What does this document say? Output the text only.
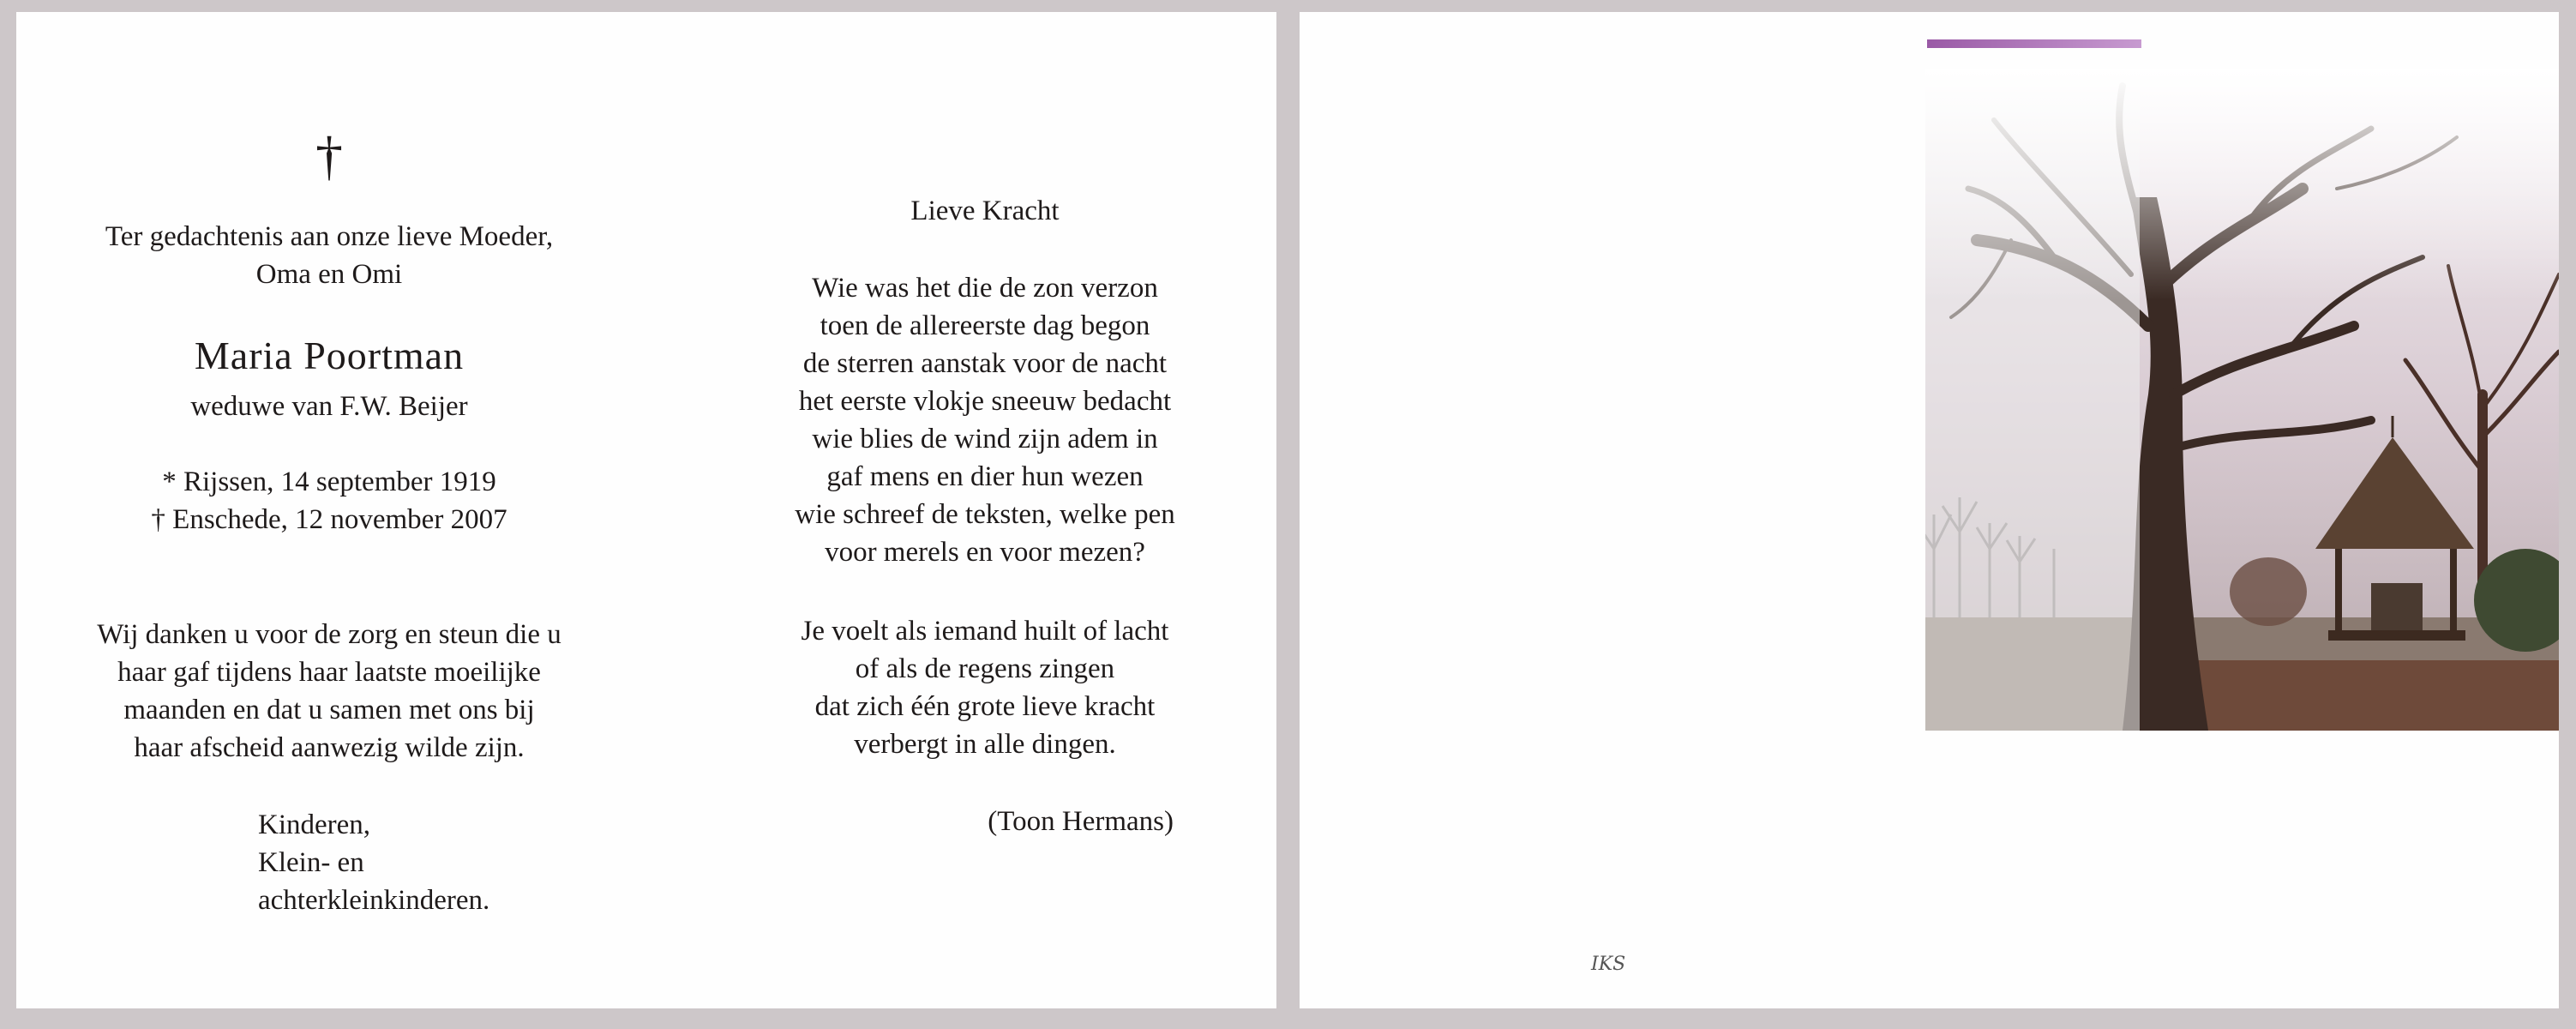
†
Ter gedachtenis aan onze lieve Moeder,
Oma en Omi
Maria Poortman
weduwe van F.W. Beijer
* Rijssen, 14 september 1919
† Enschede, 12 november 2007
Wij danken u voor de zorg en steun die u
haar gaf tijdens haar laatste moeilijke
maanden en dat u samen met ons bij
haar afscheid aanwezig wilde zijn.
Kinderen,
Klein- en
achterkleinkinderen.
Lieve Kracht
Wie was het die de zon verzon
toen de allereerste dag begon
de sterren aanstak voor de nacht
het eerste vlokje sneeuw bedacht
wie blies de wind zijn adem in
gaf mens en dier hun wezen
wie schreef de teksten, welke pen
voor merels en voor mezen?
Je voelt als iemand huilt of lacht
of als de regens zingen
dat zich één grote lieve kracht
verbergt in alle dingen.
(Toon Hermans)
IKS
